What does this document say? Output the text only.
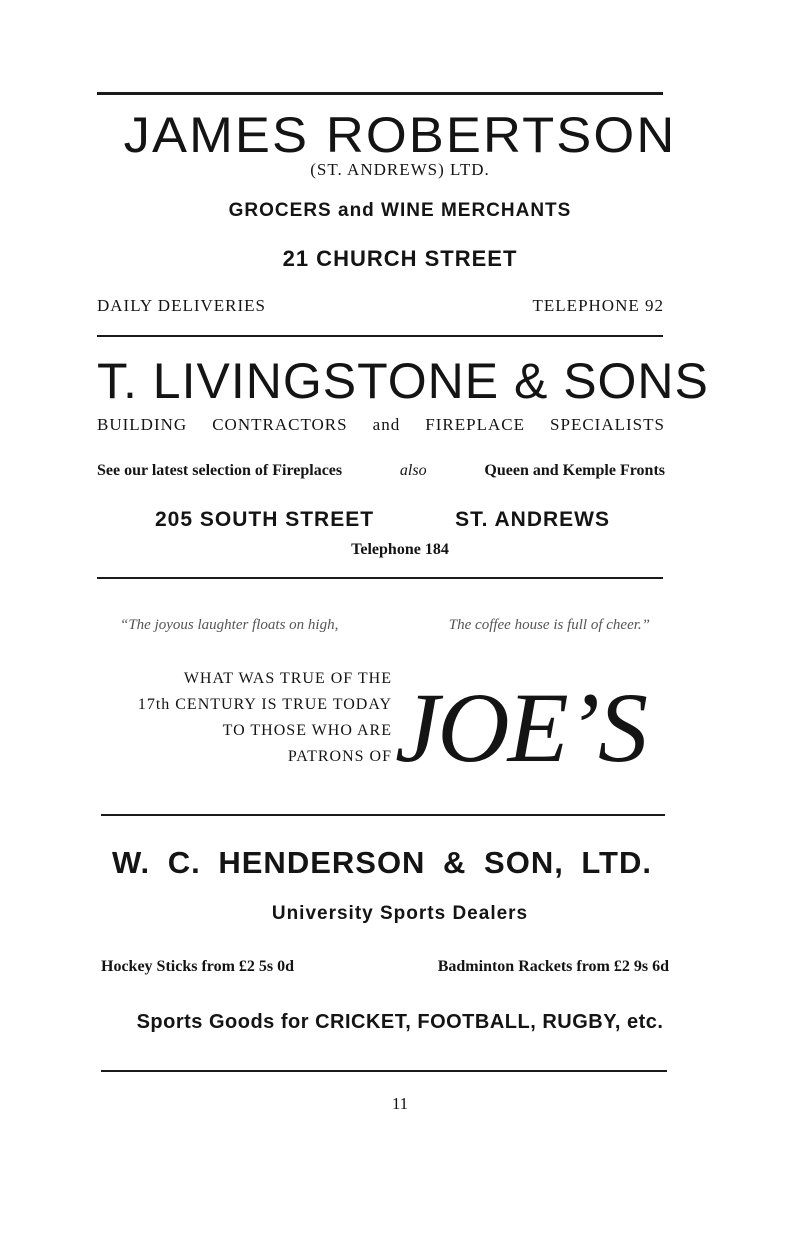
JAMES ROBERTSON
(ST. ANDREWS) LTD.
GROCERS and WINE MERCHANTS
21 CHURCH STREET
DAILY DELIVERIES	TELEPHONE 92
T. LIVINGSTONE & SONS
BUILDING CONTRACTORS and FIREPLACE SPECIALISTS
See our latest selection of Fireplaces	also	Queen and Kemple Fronts
205 SOUTH STREET	ST. ANDREWS
Telephone 184
“The joyous laughter floats on high,	The coffee house is full of cheer.”
WHAT WAS TRUE OF THE
17th CENTURY IS TRUE TODAY
TO THOSE WHO ARE
PATRONS OF JOE’S
W. C. HENDERSON & SON, LTD.
University Sports Dealers
Hockey Sticks from £2 5s 0d	Badminton Rackets from £2 9s 6d
Sports Goods for CRICKET, FOOTBALL, RUGBY, etc.
11
